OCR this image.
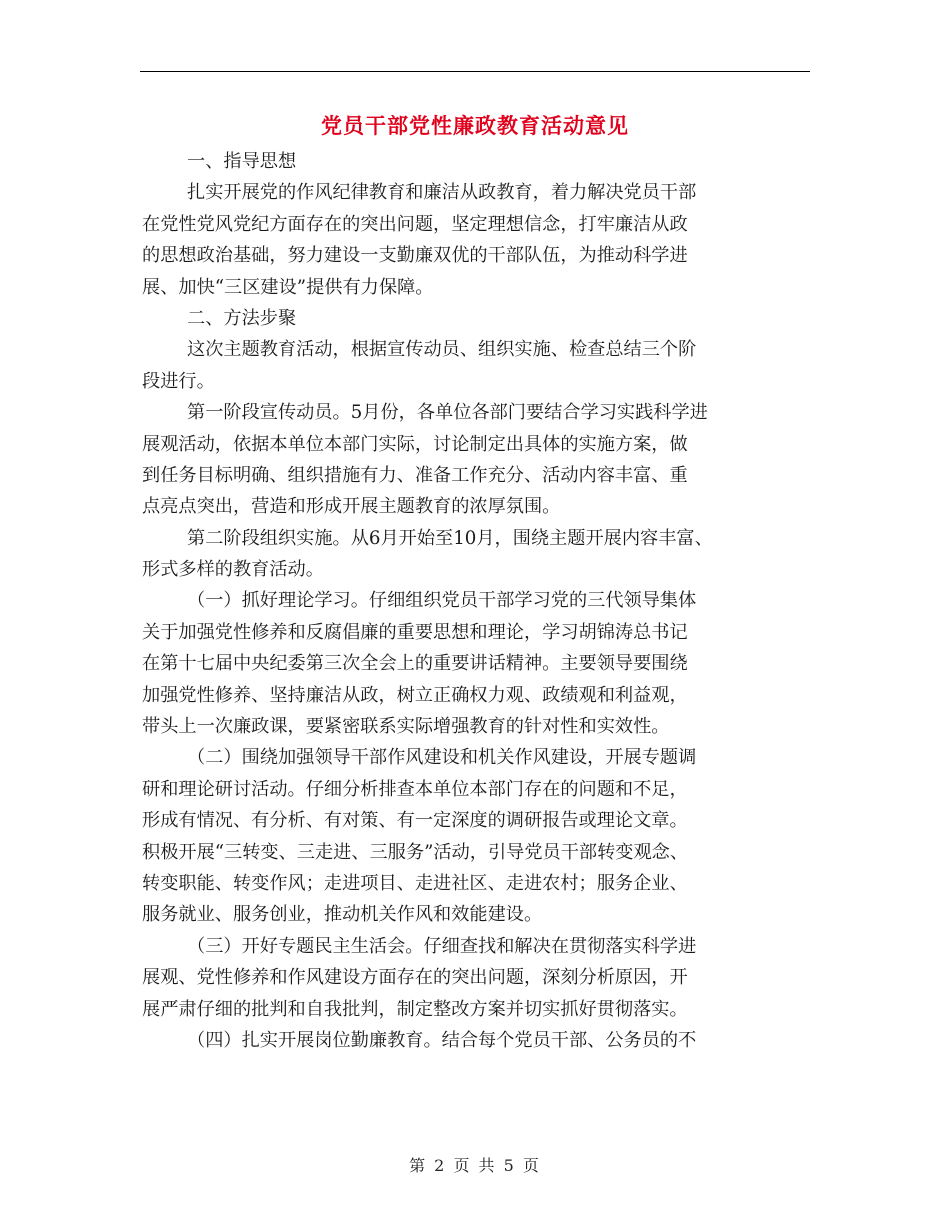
党员干部党性廉政教育活动意见
一、指导思想
扎实开展党的作风纪律教育和廉洁从政教育，着力解决党员干部
在党性党风党纪方面存在的突出问题，坚定理想信念，打牢廉洁从政
的思想政治基础，努力建设一支勤廉双优的干部队伍，为推动科学进
展、加快“三区建设”提供有力保障。
二、方法步聚
这次主题教育活动，根据宣传动员、组织实施、检查总结三个阶
段进行。
第一阶段宣传动员。5月份，各单位各部门要结合学习实践科学进
展观活动，依据本单位本部门实际，讨论制定出具体的实施方案，做
到任务目标明确、组织措施有力、准备工作充分、活动内容丰富、重
点亮点突出，营造和形成开展主题教育的浓厚氛围。
第二阶段组织实施。从6月开始至10月，围绕主题开展内容丰富、
形式多样的教育活动。
（一）抓好理论学习。仔细组织党员干部学习党的三代领导集体
关于加强党性修养和反腐倡廉的重要思想和理论，学习胡锦涛总书记
在第十七届中央纪委第三次全会上的重要讲话精神。主要领导要围绕
加强党性修养、坚持廉洁从政，树立正确权力观、政绩观和利益观，
带头上一次廉政课，要紧密联系实际增强教育的针对性和实效性。
（二）围绕加强领导干部作风建设和机关作风建设，开展专题调
研和理论研讨活动。仔细分析排查本单位本部门存在的问题和不足，
形成有情况、有分析、有对策、有一定深度的调研报告或理论文章。
积极开展“三转变、三走进、三服务”活动，引导党员干部转变观念、
转变职能、转变作风；走进项目、走进社区、走进农村；服务企业、
服务就业、服务创业，推动机关作风和效能建设。
（三）开好专题民主生活会。仔细查找和解决在贯彻落实科学进
展观、党性修养和作风建设方面存在的突出问题，深刻分析原因，开
展严肃仔细的批判和自我批判，制定整改方案并切实抓好贯彻落实。
（四）扎实开展岗位勤廉教育。结合每个党员干部、公务员的不
第 2 页 共 5 页
